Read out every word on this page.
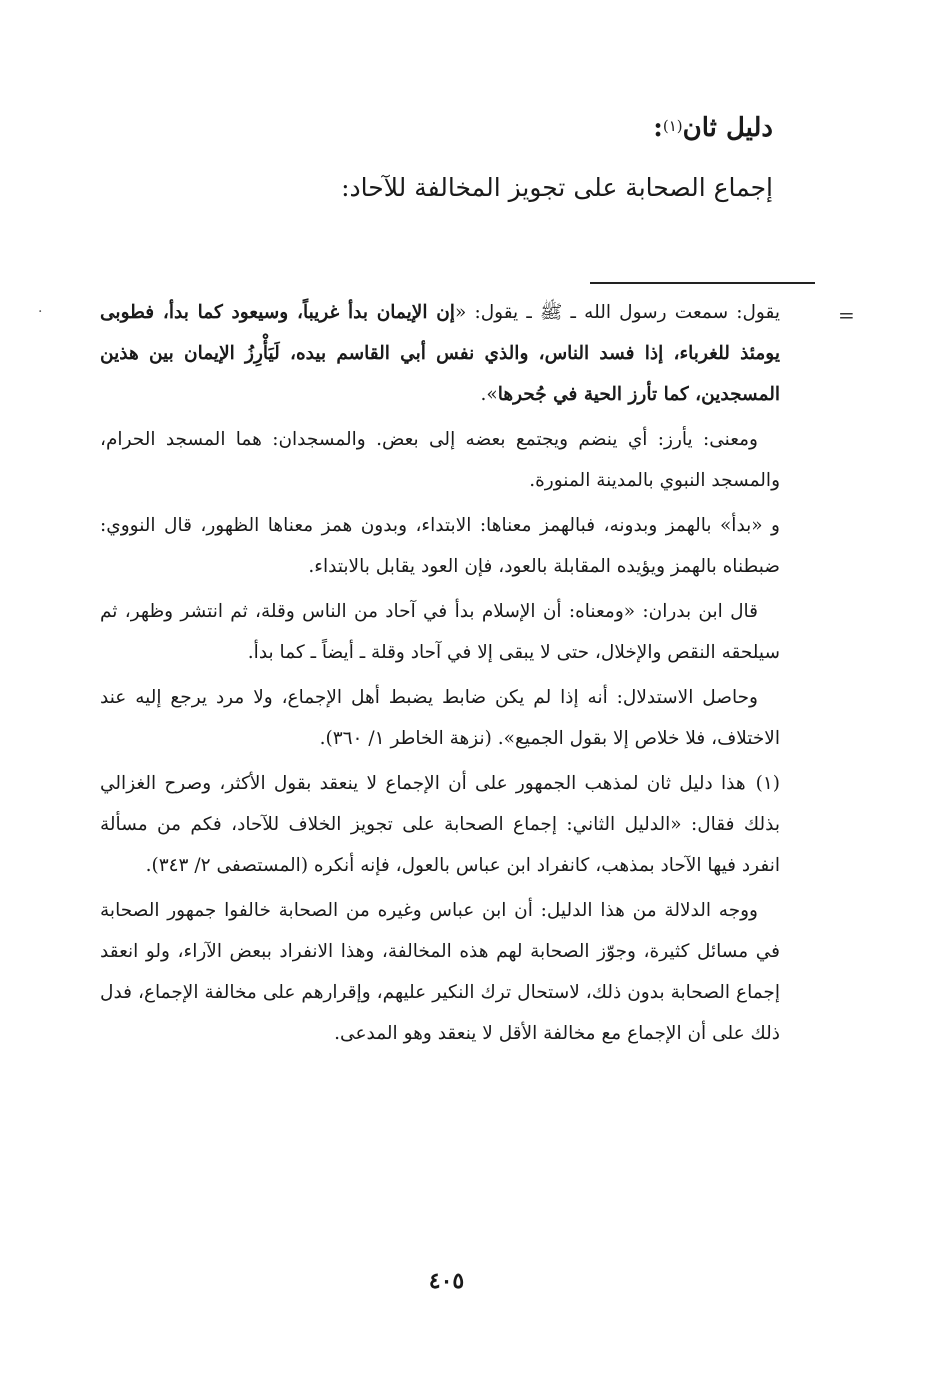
دليل ثان$^{(١)}$:
إجماع الصحابة على تجويز المخالفة للآحاد:
=
·	يقول: سمعت رسول الله ـ ﷺ ـ يقول: «إن الإيمان بدأ غريباً، وسيعود كما بدأ، فطوبى يومئذ للغرباء، إذا فسد الناس، والذي نفس أبي القاسم بيده، لَيَأْرِزُ الإيمان بين هذين المسجدين، كما تأرز الحية في جُحرها».

ومعنى: يأرز: أي ينضم ويجتمع بعضه إلى بعض. والمسجدان: هما المسجد الحرام، والمسجد النبوي بالمدينة المنورة.

و «بدأ» بالهمز وبدونه، فبالهمز معناها: الابتداء، وبدون همز معناها الظهور، قال النووي: ضبطناه بالهمز ويؤيده المقابلة بالعود، فإن العود يقابل بالابتداء.

قال ابن بدران: «ومعناه: أن الإسلام بدأ في آحاد من الناس وقلة، ثم انتشر وظهر، ثم سيلحقه النقص والإخلال، حتى لا يبقى إلا في آحاد وقلة ـ أيضاً ـ كما بدأ.

وحاصل الاستدلال: أنه إذا لم يكن ضابط يضبط أهل الإجماع، ولا مرد يرجع إليه عند الاختلاف، فلا خلاص إلا بقول الجميع». (نزهة الخاطر ١/ ٣٦٠).

(١)هذا دليل ثان لمذهب الجمهور على أن الإجماع لا ينعقد بقول الأكثر، وصرح الغزالي بذلك فقال: «الدليل الثاني: إجماع الصحابة على تجويز الخلاف للآحاد، فكم من مسألة انفرد فيها الآحاد بمذهب، كانفراد ابن عباس بالعول، فإنه أنكره (المستصفى ٢/ ٣٤٣).

ووجه الدلالة من هذا الدليل: أن ابن عباس وغيره من الصحابة خالفوا جمهور الصحابة في مسائل كثيرة، وجوّز الصحابة لهم هذه المخالفة، وهذا الانفراد ببعض الآراء، ولو انعقد إجماع الصحابة بدون ذلك، لاستحال ترك النكير عليهم، وإقرارهم على مخالفة الإجماع، فدل ذلك على أن الإجماع مع مخالفة الأقل لا ينعقد وهو المدعى.

٤٠٥
